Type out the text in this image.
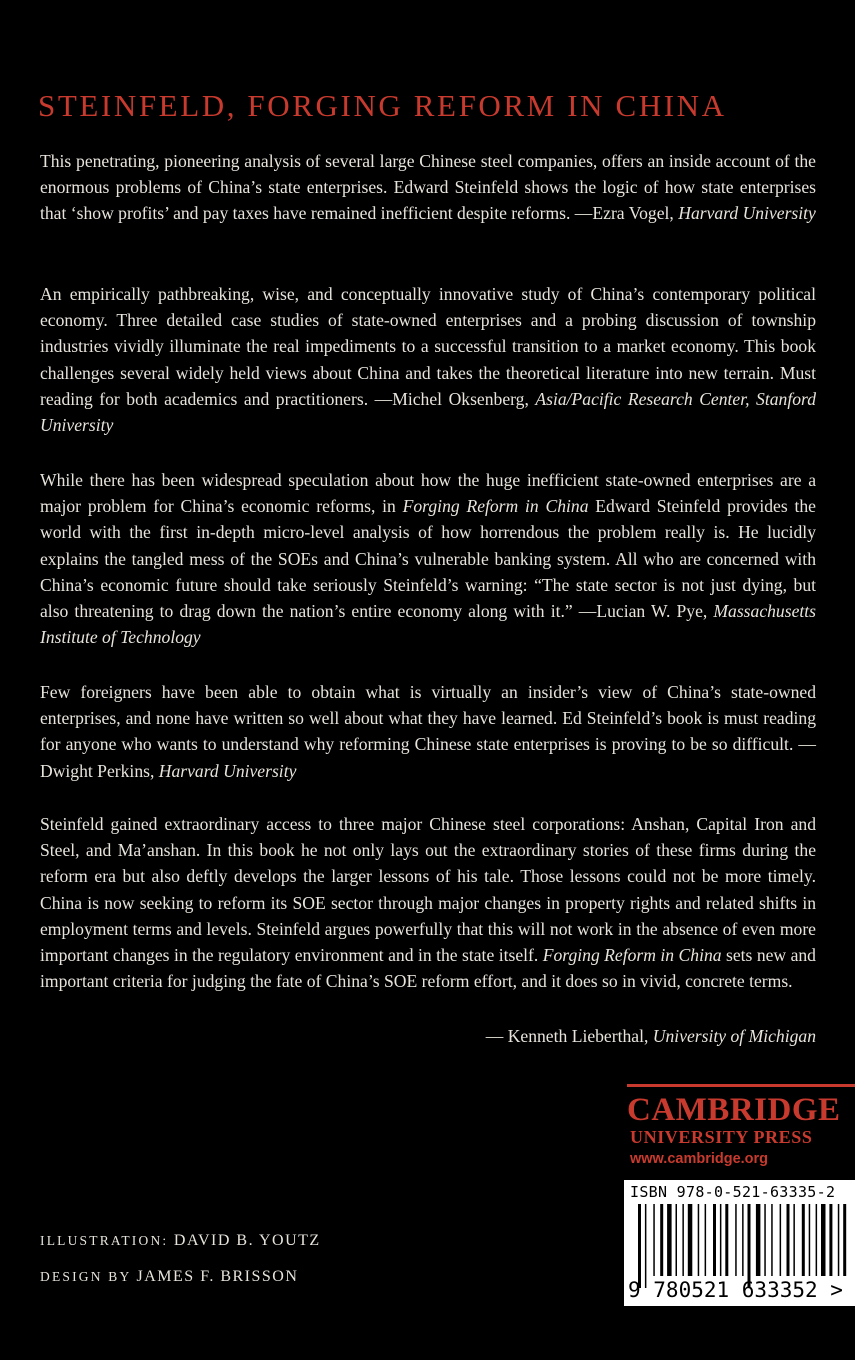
STEINFELD, FORGING REFORM IN CHINA

This penetrating, pioneering analysis of several large Chinese steel companies, offers an inside account of the enormous problems of China’s state enterprises. Edward Steinfeld shows the logic of how state enterprises that ‘show profits’ and pay taxes have remained inefficient despite reforms. —Ezra Vogel, Harvard University

An empirically pathbreaking, wise, and conceptually innovative study of China’s contemporary political economy. Three detailed case studies of state-owned enterprises and a probing discussion of township industries vividly illuminate the real impediments to a successful transition to a market economy. This book challenges several widely held views about China and takes the theoretical literature into new terrain. Must reading for both academics and practitioners. —Michel Oksenberg, Asia/Pacific Research Center, Stanford University

While there has been widespread speculation about how the huge inefficient state-owned enterprises are a major problem for China’s economic reforms, in Forging Reform in China Edward Steinfeld provides the world with the first in-depth micro-level analysis of how horrendous the problem really is. He lucidly explains the tangled mess of the SOEs and China’s vulnerable banking system. All who are concerned with China’s economic future should take seriously Steinfeld’s warning: “The state sector is not just dying, but also threatening to drag down the nation’s entire economy along with it.” —Lucian W. Pye, Massachusetts Institute of Technology

Few foreigners have been able to obtain what is virtually an insider’s view of China’s state-owned enterprises, and none have written so well about what they have learned. Ed Steinfeld’s book is must reading for anyone who wants to understand why reforming Chinese state enterprises is proving to be so difficult. —Dwight Perkins, Harvard University

Steinfeld gained extraordinary access to three major Chinese steel corporations: Anshan, Capital Iron and Steel, and Ma’anshan. In this book he not only lays out the extraordinary stories of these firms during the reform era but also deftly develops the larger lessons of his tale. Those lessons could not be more timely. China is now seeking to reform its SOE sector through major changes in property rights and related shifts in employment terms and levels. Steinfeld argues powerfully that this will not work in the absence of even more important changes in the regulatory environment and in the state itself. Forging Reform in China sets new and important criteria for judging the fate of China’s SOE reform effort, and it does so in vivid, concrete terms.

— Kenneth Lieberthal, University of Michigan
CAMBRIDGE
UNIVERSITY PRESS
www.cambridge.org
ISBN 978-0-521-63335-2
9 780521 633352 >
ILLUSTRATION: DAVID B. YOUTZ
DESIGN BY JAMES F. BRISSON
